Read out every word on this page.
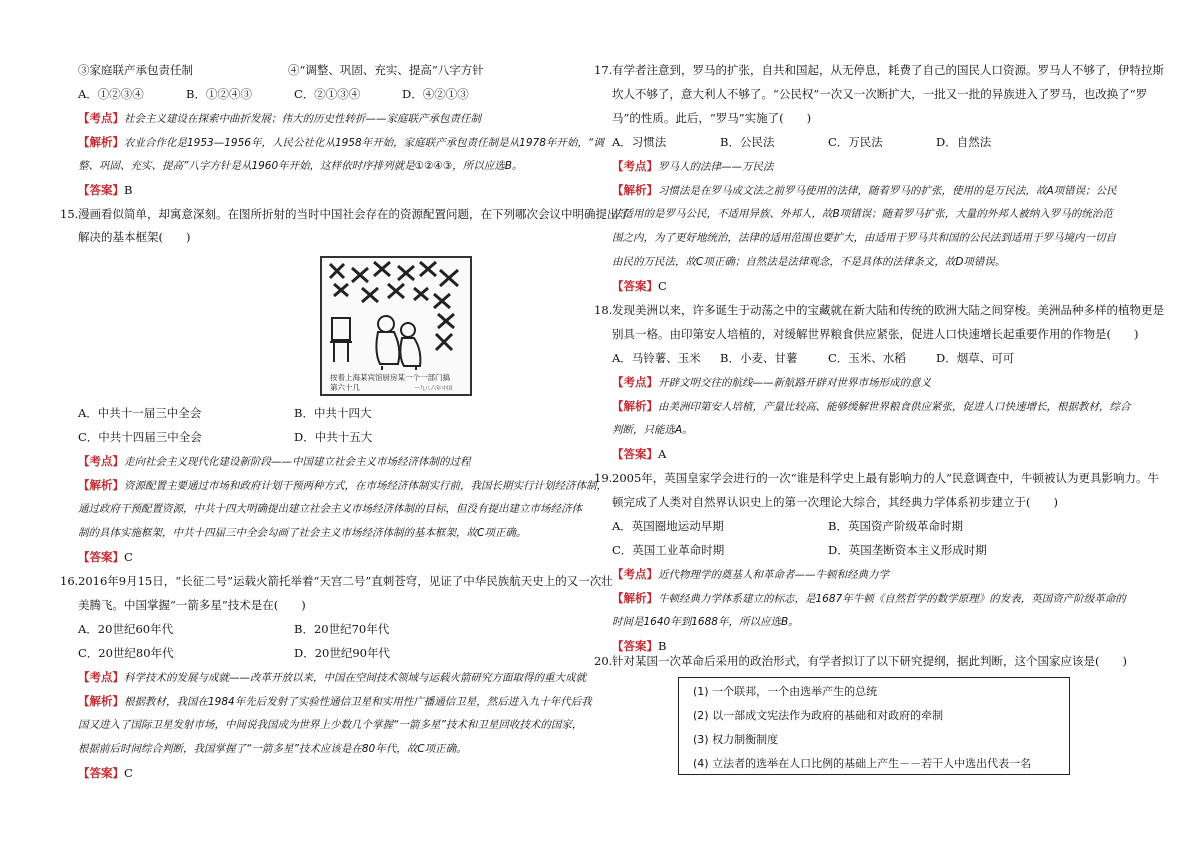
③家庭联产承包责任制	④“调整、巩固、充实、提高”八字方针
A．①②③④	B．①②④③	C．②①③④	D．④②①③
【考点】社会主义建设在探索中曲折发展；伟大的历史性转折——家庭联产承包责任制
【解析】农业合作化是1953—1956年，人民公社化从1958年开始，家庭联产承包责任制是从1978年开始，“调
整、巩固、充实、提高”八字方针是从1960年开始，这样依时序排列就是①②④③，所以应选B。
【答案】B
15. 漫画看似简单，却寓意深刻。在图所折射的当时中国社会存在的资源配置问题，在下列哪次会议中明确提出了
解决的基本框架(　　)
按着上海某宾馆厨房某一个一部门搞
第六十几	一九八六年中国
A．中共十一届三中全会	B．中共十四大
C．中共十四届三中全会	D．中共十五大
【考点】走向社会主义现代化建设新阶段——中国建立社会主义市场经济体制的过程
【解析】资源配置主要通过市场和政府计划干预两种方式，在市场经济体制实行前，我国长期实行计划经济体制，
通过政府干预配置资源，中共十四大明确提出建立社会主义市场经济体制的目标，但没有提出建立市场经济体
制的具体实施框架，中共十四届三中全会勾画了社会主义市场经济体制的基本框架，故C项正确。
【答案】C
16. 2016年9月15日，“长征二号”运载火箭托举着“天宫二号”直刺苍穹，见证了中华民族航天史上的又一次壮
美腾飞。中国掌握“一箭多星”技术是在(　　)
A．20世纪60年代	B．20世纪70年代
C．20世纪80年代	D．20世纪90年代
【考点】科学技术的发展与成就——改革开放以来，中国在空间技术领域与运载火箭研究方面取得的重大成就
【解析】根据教材，我国在1984年先后发射了实验性通信卫星和实用性广播通信卫星，然后进入九十年代后我
国又进入了国际卫星发射市场，中间说我国成为世界上少数几个掌握“一箭多星”技术和卫星回收技术的国家，
根据前后时间综合判断，我国掌握了“一箭多星”技术应该是在80年代，故C项正确。
【答案】C
17. 有学者注意到，罗马的扩张，自共和国起，从无停息，耗费了自己的国民人口资源。罗马人不够了，伊特拉斯
坎人不够了，意大利人不够了。“公民权”一次又一次断扩大，一批又一批的异族进入了罗马，也改换了“罗
马”的性质。此后，“罗马”实施了(　　)
A．习惯法	B．公民法	C．万民法	D．自然法
【考点】罗马人的法律——万民法
【解析】习惯法是在罗马成文法之前罗马使用的法律，随着罗马的扩张，使用的是万民法，故A项错误；公民
法适用的是罗马公民，不适用异族、外邦人，故B项错误；随着罗马扩张，大量的外邦人被纳入罗马的统治范
围之内，为了更好地统治，法律的适用范围也要扩大，由适用于罗马共和国的公民法到适用于罗马境内一切自
由民的万民法，故C项正确；自然法是法律观念，不是具体的法律条文，故D项错误。
【答案】C
18. 发现美洲以来，许多诞生于动荡之中的宝藏就在新大陆和传统的欧洲大陆之间穿梭。美洲品种多样的植物更是
别具一格。由印第安人培植的，对缓解世界粮食供应紧张，促进人口快速增长起重要作用的作物是(　　)
A．马铃薯、玉米 B．小麦、甘薯	C．玉米、水稻	D．烟草、可可
【考点】开辟文明交往的航线——新航路开辟对世界市场形成的意义
【解析】由美洲印第安人培植，产量比较高、能够缓解世界粮食供应紧张，促进人口快速增长，根据教材，综合
判断，只能选A。
【答案】A
19. 2005年，英国皇家学会进行的一次“谁是科学史上最有影响力的人”民意调查中，牛顿被认为更具影响力。牛
顿完成了人类对自然界认识史上的第一次理论大综合，其经典力学体系初步建立于(　　)
A．英国圈地运动早期	B．英国资产阶级革命时期
C．英国工业革命时期	D．英国垄断资本主义形成时期
【考点】近代物理学的奠基人和革命者——牛顿和经典力学
【解析】牛顿经典力学体系建立的标志，是1687年牛顿《自然哲学的数学原理》的发表，英国资产阶级革命的
时间是1640年到1688年，所以应选B。
【答案】B
20. 针对某国一次革命后采用的政治形式，有学者拟订了以下研究提纲，据此判断，这个国家应该是(　　)
(1) 一个联邦，一个由选举产生的总统
(2) 以一部成文宪法作为政府的基础和对政府的牵制
(3) 权力制衡制度
(4) 立法者的选举在人口比例的基础上产生－－若干人中选出代表一名
